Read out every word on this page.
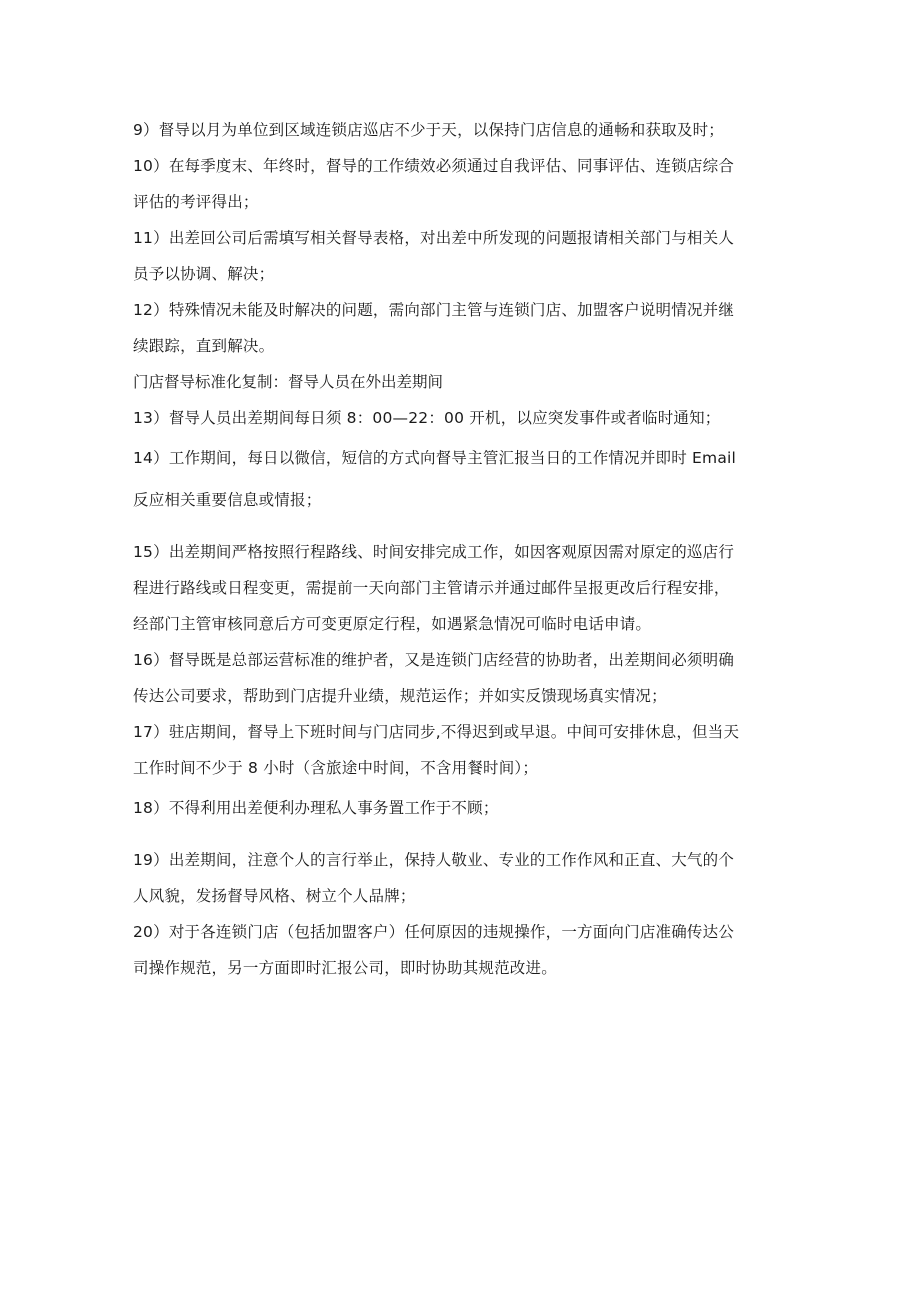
9）督导以月为单位到区域连锁店巡店不少于天，以保持门店信息的通畅和获取及时；

10）在每季度末、年终时，督导的工作绩效必须通过自我评估、同事评估、连锁店综合
评估的考评得出；

11）出差回公司后需填写相关督导表格，对出差中所发现的问题报请相关部门与相关人
员予以协调、解决；

12）特殊情况未能及时解决的问题，需向部门主管与连锁门店、加盟客户说明情况并继
续跟踪，直到解决。

门店督导标准化复制：督导人员在外出差期间

13）督导人员出差期间每日须 8：00—22：00 开机，以应突发事件或者临时通知；

14）工作期间，每日以微信，短信的方式向督导主管汇报当日的工作情况并即时 Email
反应相关重要信息或情报；

15）出差期间严格按照行程路线、时间安排完成工作，如因客观原因需对原定的巡店行
程进行路线或日程变更，需提前一天向部门主管请示并通过邮件呈报更改后行程安排，
经部门主管审核同意后方可变更原定行程，如遇紧急情况可临时电话申请。

16）督导既是总部运营标准的维护者，又是连锁门店经营的协助者，出差期间必须明确
传达公司要求，帮助到门店提升业绩，规范运作；并如实反馈现场真实情况；

17）驻店期间，督导上下班时间与门店同步,不得迟到或早退。中间可安排休息，但当天
工作时间不少于 8 小时（含旅途中时间，不含用餐时间）；

18）不得利用出差便利办理私人事务置工作于不顾；

19）出差期间，注意个人的言行举止，保持人敬业、专业的工作作风和正直、大气的个
人风貌，发扬督导风格、树立个人品牌；

20）对于各连锁门店（包括加盟客户）任何原因的违规操作，一方面向门店准确传达公
司操作规范，另一方面即时汇报公司，即时协助其规范改进。
